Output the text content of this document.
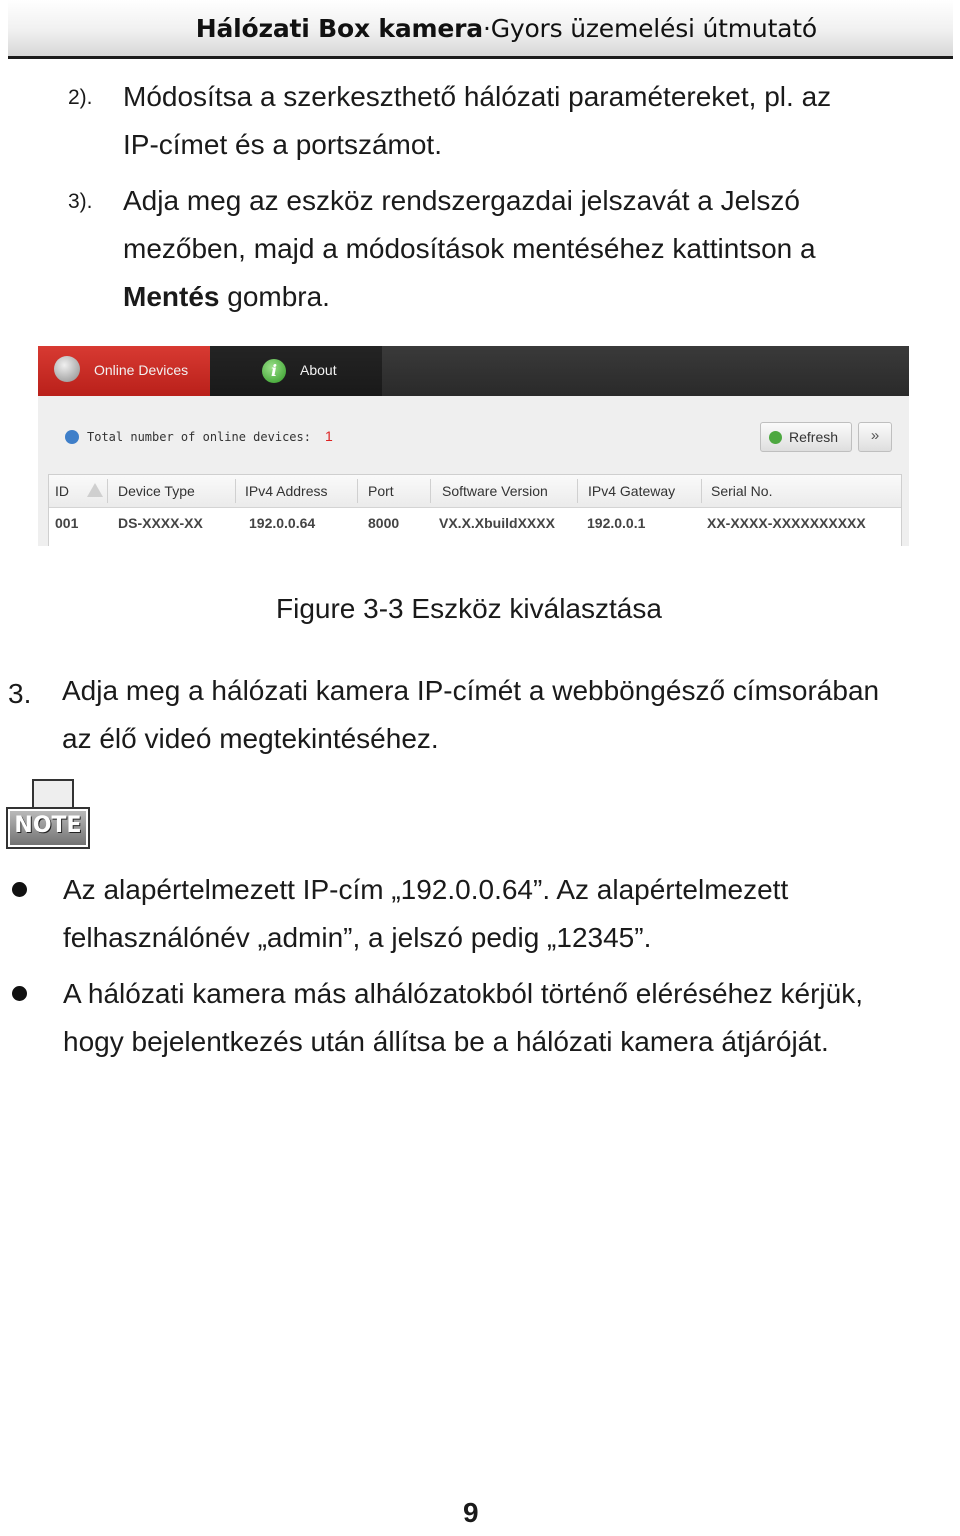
Hálózati Box kamera·Gyors üzemelési útmutató
2). Módosítsa a szerkeszthető hálózati paramétereket, pl. az
IP-címet és a portszámot.
3). Adja meg az eszköz rendszergazdai jelszavát a Jelszó
mezőben, majd a módosítások mentéséhez kattintson a
Mentés gombra.
Online Devices	About
i
Total number of online devices: 1	Refresh	»
ID	Device Type	IPv4 Address	Port	Software Version	IPv4 Gateway	Serial No.
001	DS-XXXX-XX	192.0.0.64	8000	VX.X.XbuildXXXX 192.0.0.1	XX-XXXX-XXXXXXXXXX
Figure 3-3 Eszköz kiválasztása
3. Adja meg a hálózati kamera IP-címét a webböngésző címsorában
az élő videó megtekintéséhez.
NOTE
Az alapértelmezett IP-cím „192.0.0.64”. Az alapértelmezett
felhasználónév „admin”, a jelszó pedig „12345”.
A hálózati kamera más alhálózatokból történő eléréséhez kérjük,
hogy bejelentkezés után állítsa be a hálózati kamera átjáróját.
9
